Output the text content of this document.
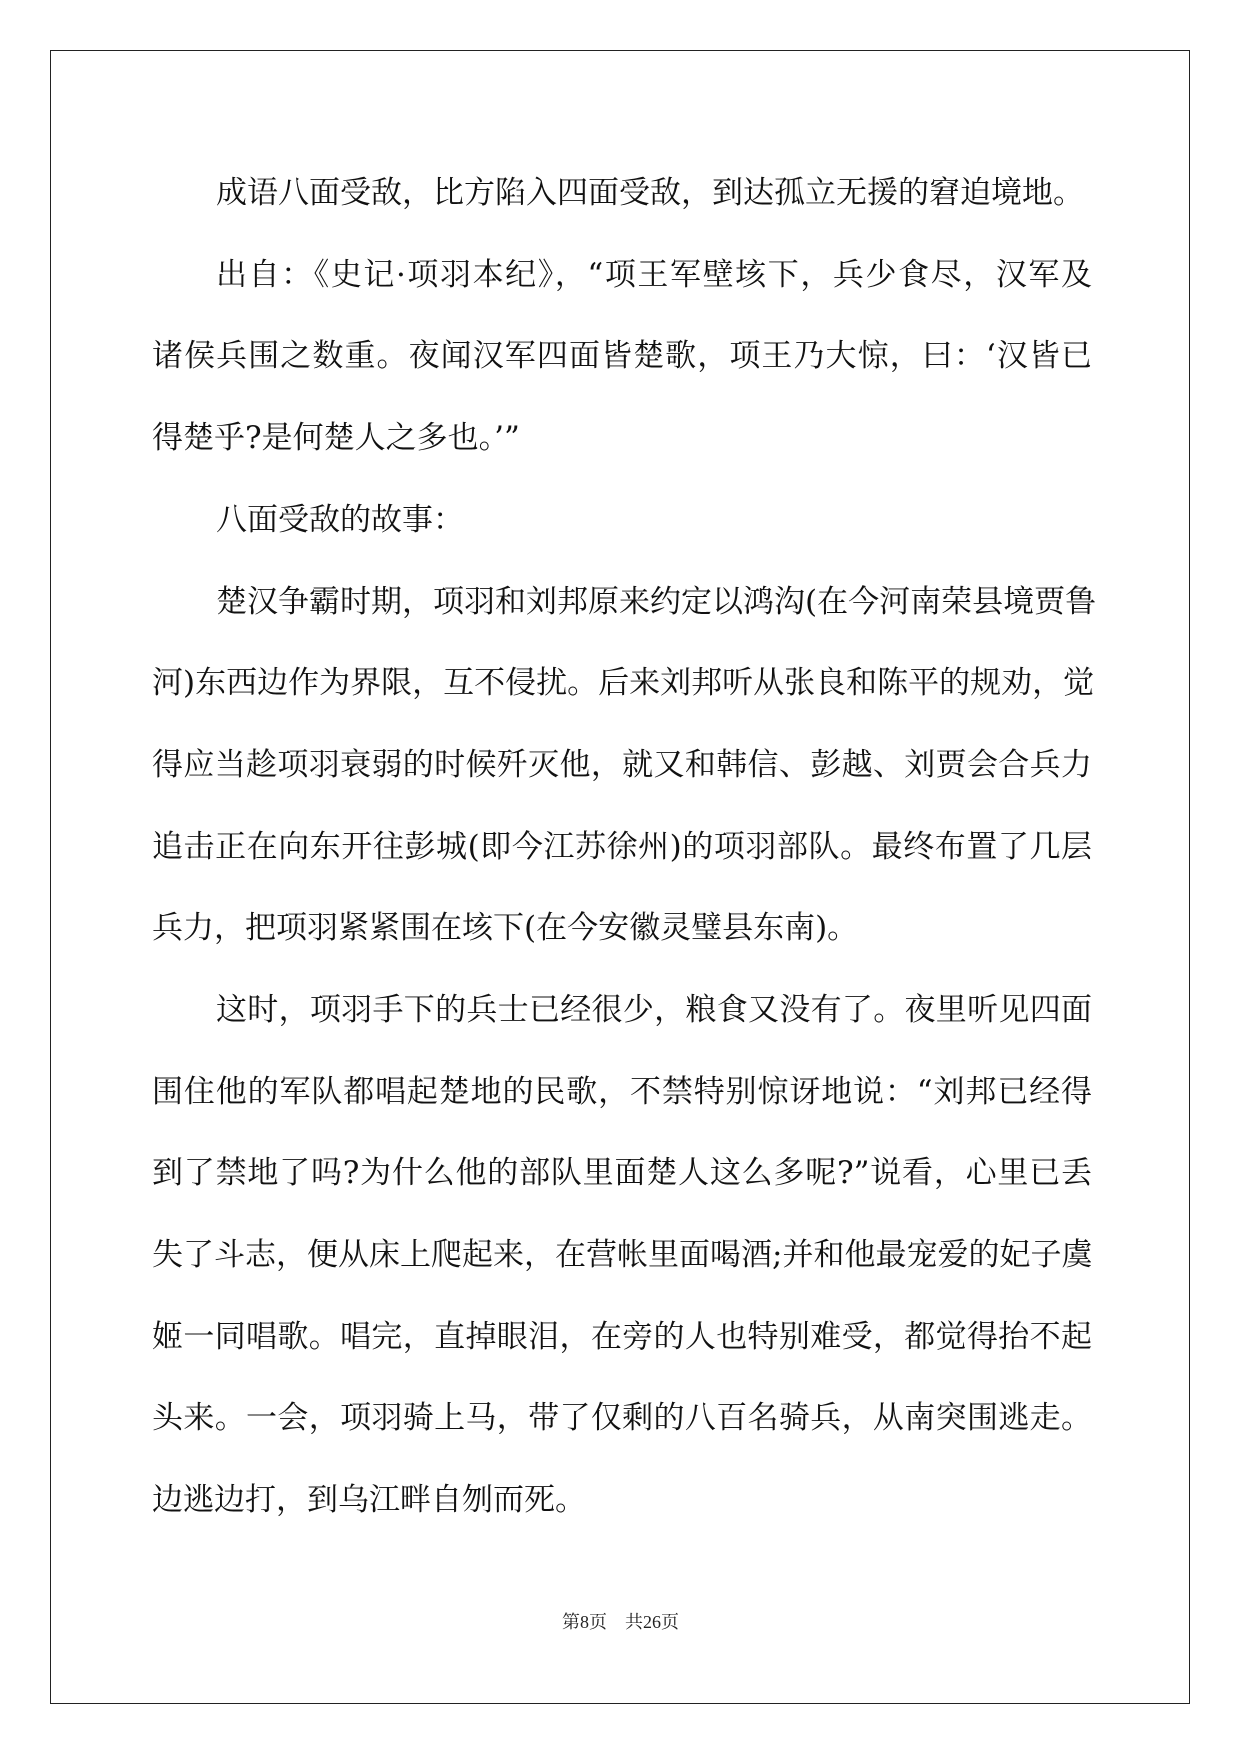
成语八面受敌，比方陷入四面受敌，到达孤立无援的窘迫境地。
出自：《史记·项羽本纪》，“项王军壁垓下，兵少食尽，汉军及
诸侯兵围之数重。夜闻汉军四面皆楚歌，项王乃大惊，曰：‘汉皆已
得楚乎?是何楚人之多也。’”
八面受敌的故事：
楚汉争霸时期，项羽和刘邦原来约定以鸿沟(在今河南荣县境贾鲁
河)东西边作为界限，互不侵扰。后来刘邦听从张良和陈平的规劝，觉
得应当趁项羽衰弱的时候歼灭他，就又和韩信、彭越、刘贾会合兵力
追击正在向东开往彭城(即今江苏徐州)的项羽部队。最终布置了几层
兵力，把项羽紧紧围在垓下(在今安徽灵璧县东南)。
这时，项羽手下的兵士已经很少，粮食又没有了。夜里听见四面
围住他的军队都唱起楚地的民歌，不禁特别惊讶地说：“刘邦已经得
到了禁地了吗?为什么他的部队里面楚人这么多呢?”说看，心里已丢
失了斗志，便从床上爬起来，在营帐里面喝酒;并和他最宠爱的妃子虞
姬一同唱歌。唱完，直掉眼泪，在旁的人也特别难受，都觉得抬不起
头来。一会，项羽骑上马，带了仅剩的八百名骑兵，从南突围逃走。
边逃边打，到乌江畔自刎而死。
第8页 共26页
